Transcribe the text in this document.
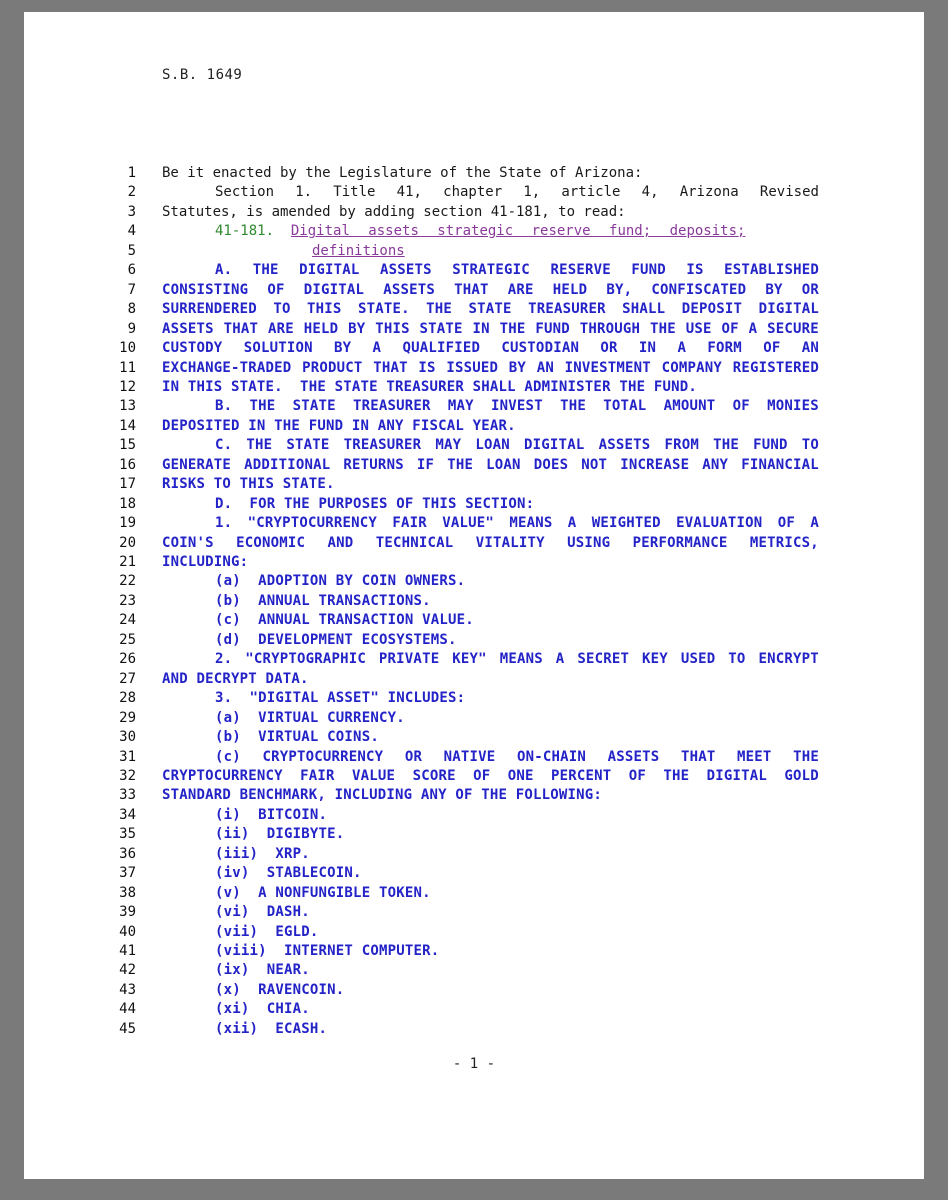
S.B. 1649
1 Be it enacted by the Legislature of the State of Arizona:
2	Section 1. Title 41, chapter 1, article 4, Arizona Revised
3 Statutes, is amended by adding section 41-181, to read:
4	41-181. Digital assets strategic reserve fund; deposits;
5	definitions
6	A. THE DIGITAL ASSETS STRATEGIC RESERVE FUND IS ESTABLISHED
7 CONSISTING OF DIGITAL ASSETS THAT ARE HELD BY, CONFISCATED BY OR
8 SURRENDERED TO THIS STATE. THE STATE TREASURER SHALL DEPOSIT DIGITAL
9 ASSETS THAT ARE HELD BY THIS STATE IN THE FUND THROUGH THE USE OF A SECURE
10 CUSTODY SOLUTION BY A QUALIFIED CUSTODIAN OR IN A FORM OF AN
11 EXCHANGE-TRADED PRODUCT THAT IS ISSUED BY AN INVESTMENT COMPANY REGISTERED
12 IN THIS STATE.  THE STATE TREASURER SHALL ADMINISTER THE FUND.
13	B. THE STATE TREASURER MAY INVEST THE TOTAL AMOUNT OF MONIES
14 DEPOSITED IN THE FUND IN ANY FISCAL YEAR.
15	C. THE STATE TREASURER MAY LOAN DIGITAL ASSETS FROM THE FUND TO
16 GENERATE ADDITIONAL RETURNS IF THE LOAN DOES NOT INCREASE ANY FINANCIAL
17 RISKS TO THIS STATE.
18	D.  FOR THE PURPOSES OF THIS SECTION:
19	1. "CRYPTOCURRENCY FAIR VALUE" MEANS A WEIGHTED EVALUATION OF A
20 COIN'S ECONOMIC AND TECHNICAL VITALITY USING PERFORMANCE METRICS,
21 INCLUDING:
22	(a)  ADOPTION BY COIN OWNERS.
23	(b)  ANNUAL TRANSACTIONS.
24	(c)  ANNUAL TRANSACTION VALUE.
25	(d)  DEVELOPMENT ECOSYSTEMS.
26	2. "CRYPTOGRAPHIC PRIVATE KEY" MEANS A SECRET KEY USED TO ENCRYPT
27 AND DECRYPT DATA.
28	3.  "DIGITAL ASSET" INCLUDES:
29	(a)  VIRTUAL CURRENCY.
30	(b)  VIRTUAL COINS.
31	(c) CRYPTOCURRENCY OR NATIVE ON-CHAIN ASSETS THAT MEET THE
32 CRYPTOCURRENCY FAIR VALUE SCORE OF ONE PERCENT OF THE DIGITAL GOLD
33 STANDARD BENCHMARK, INCLUDING ANY OF THE FOLLOWING:
34	(i)  BITCOIN.
35	(ii)  DIGIBYTE.
36	(iii)  XRP.
37	(iv)  STABLECOIN.
38	(v)  A NONFUNGIBLE TOKEN.
39	(vi)  DASH.
40	(vii)  EGLD.
41	(viii)  INTERNET COMPUTER.
42	(ix)  NEAR.
43	(x)  RAVENCOIN.
44	(xi)  CHIA.
45	(xii)  ECASH.
- 1 -
